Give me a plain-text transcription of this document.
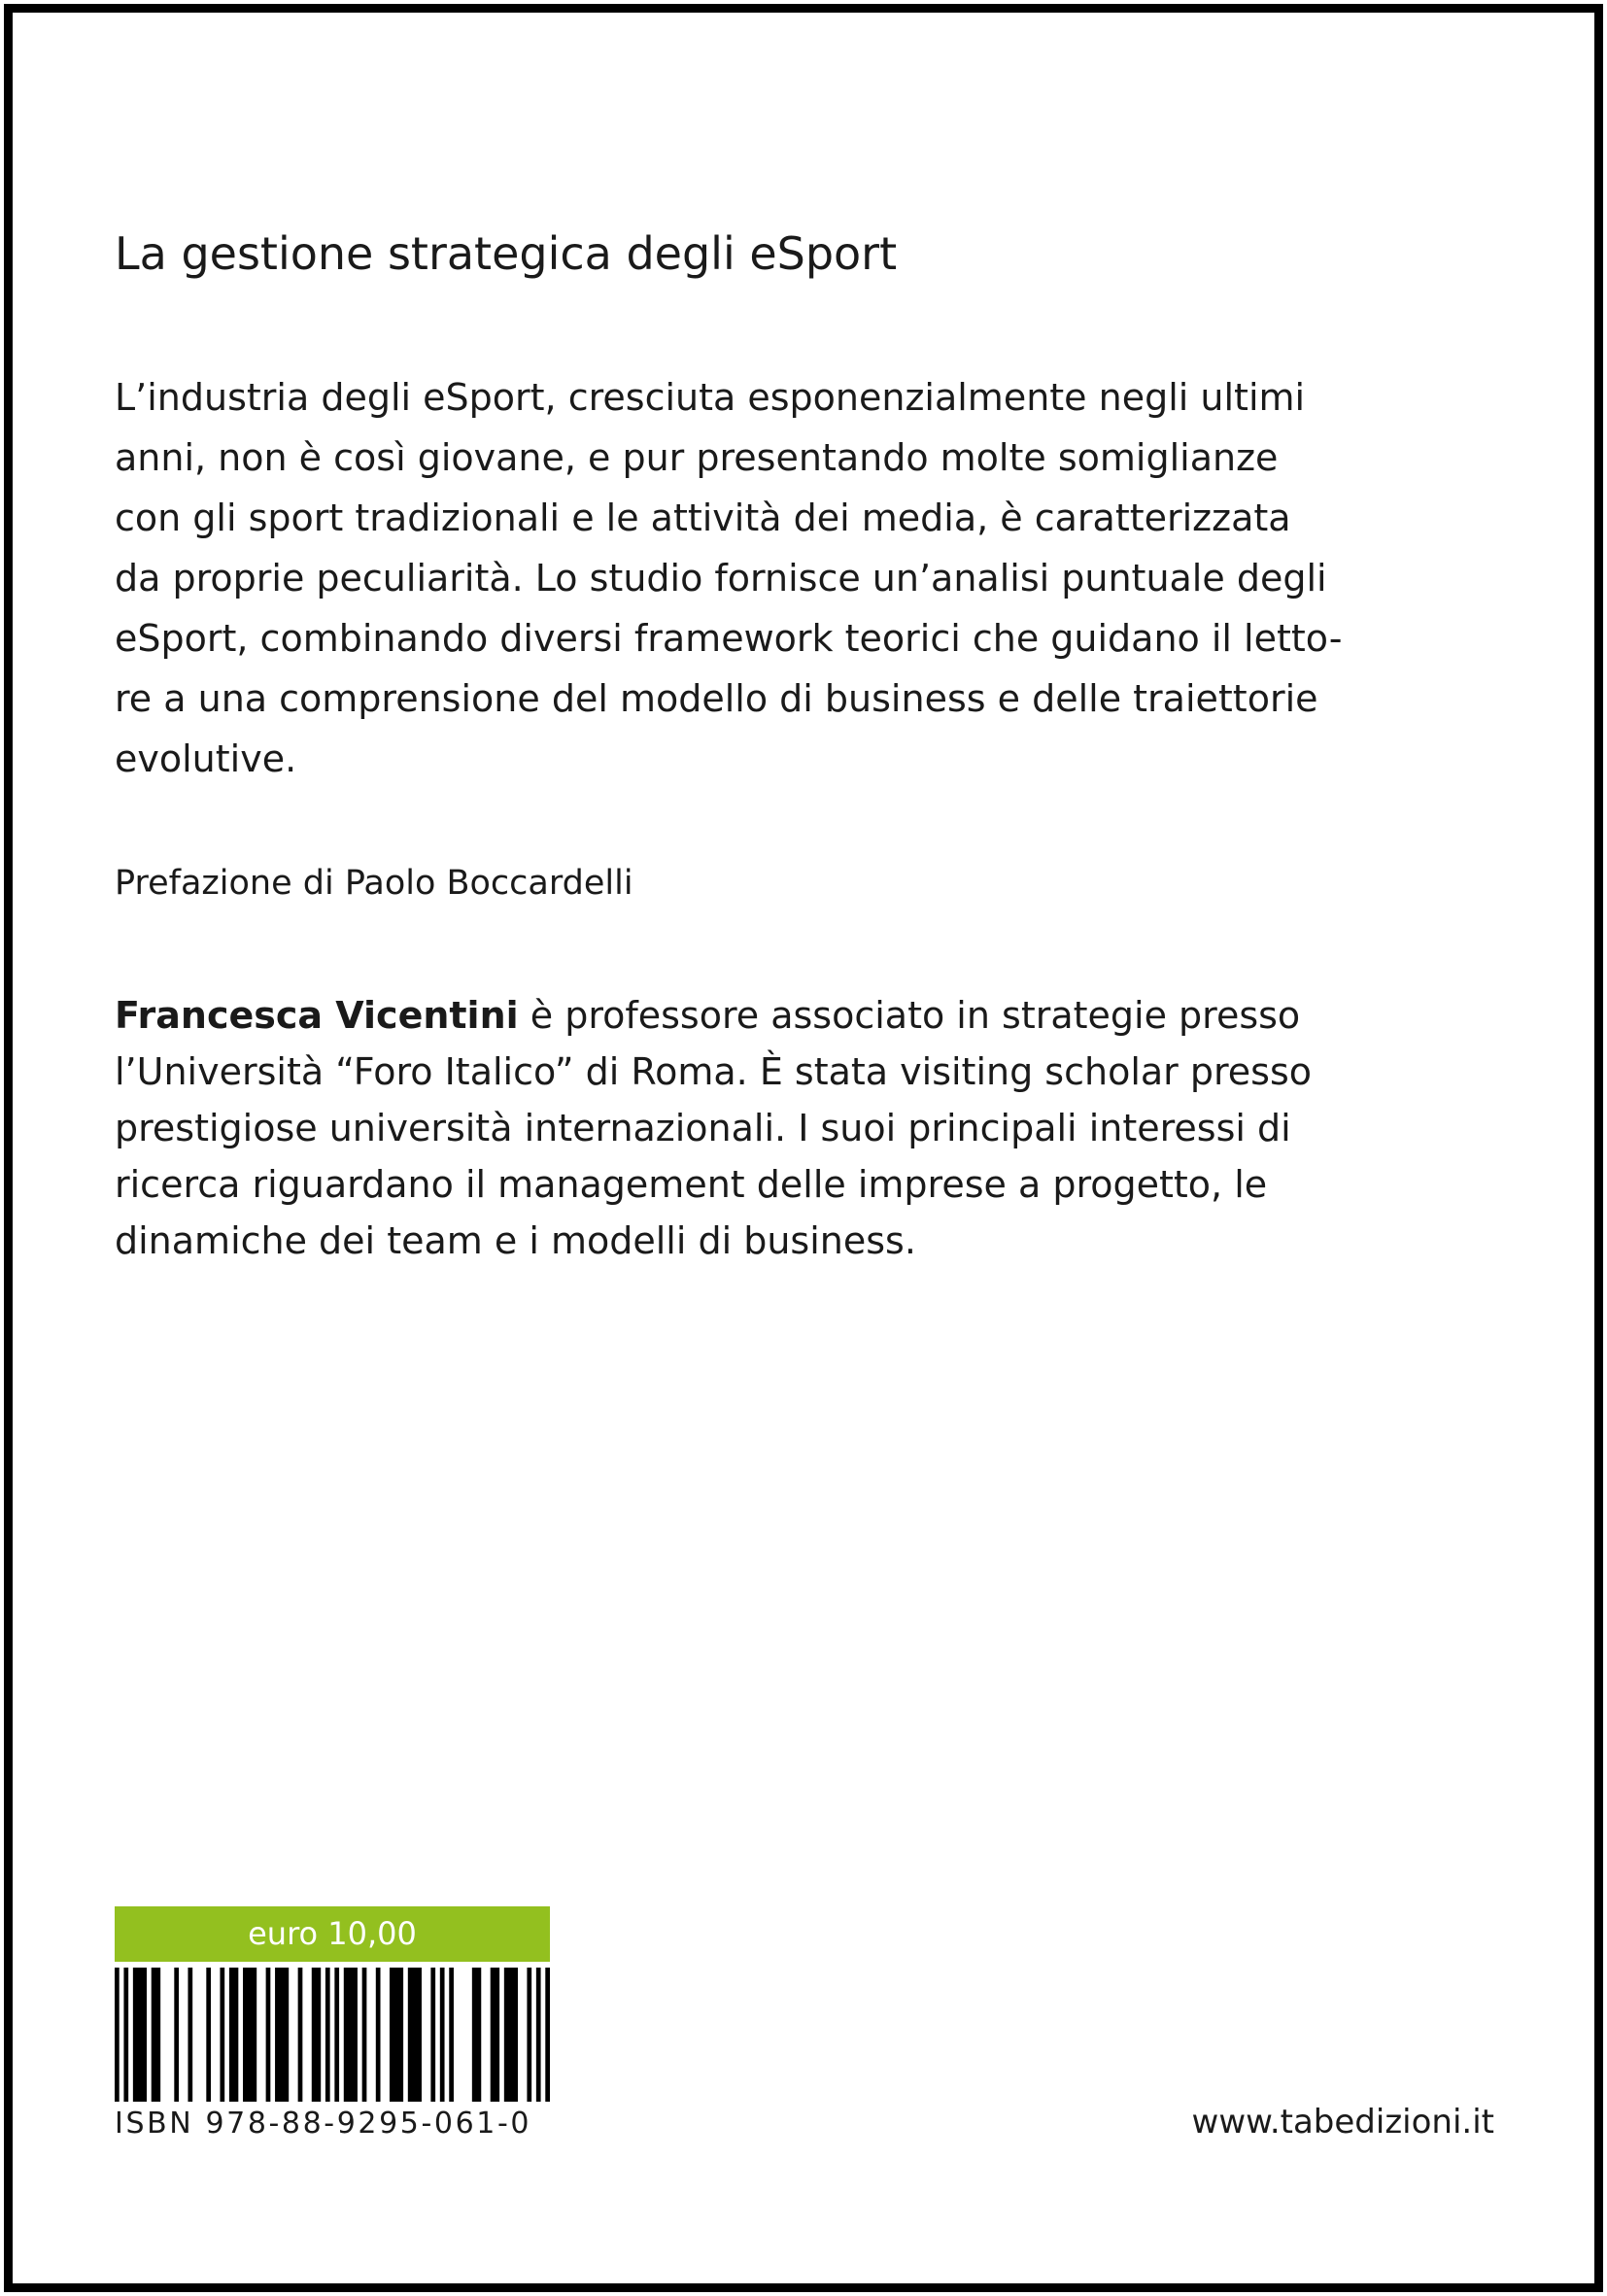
La gestione strategica degli eSport
L’industria degli eSport, cresciuta esponenzialmente negli ultimi
anni, non è così giovane, e pur presentando molte somiglianze
con gli sport tradizionali e le attività dei media, è caratterizzata
da proprie peculiarità. Lo studio fornisce un’analisi puntuale degli
eSport, combinando diversi framework teorici che guidano il letto-
re a una comprensione del modello di business e delle traiettorie
evolutive.

Prefazione di Paolo Boccardelli

Francesca Vicentini è professore associato in strategie presso
l’Università “Foro Italico” di Roma. È stata visiting scholar presso
prestigiose università internazionali. I suoi principali interessi di
ricerca riguardano il management delle imprese a progetto, le
dinamiche dei team e i modelli di business.
euro 10,00
ISBN 978-88-9295-061-0	www.tabedizioni.it
